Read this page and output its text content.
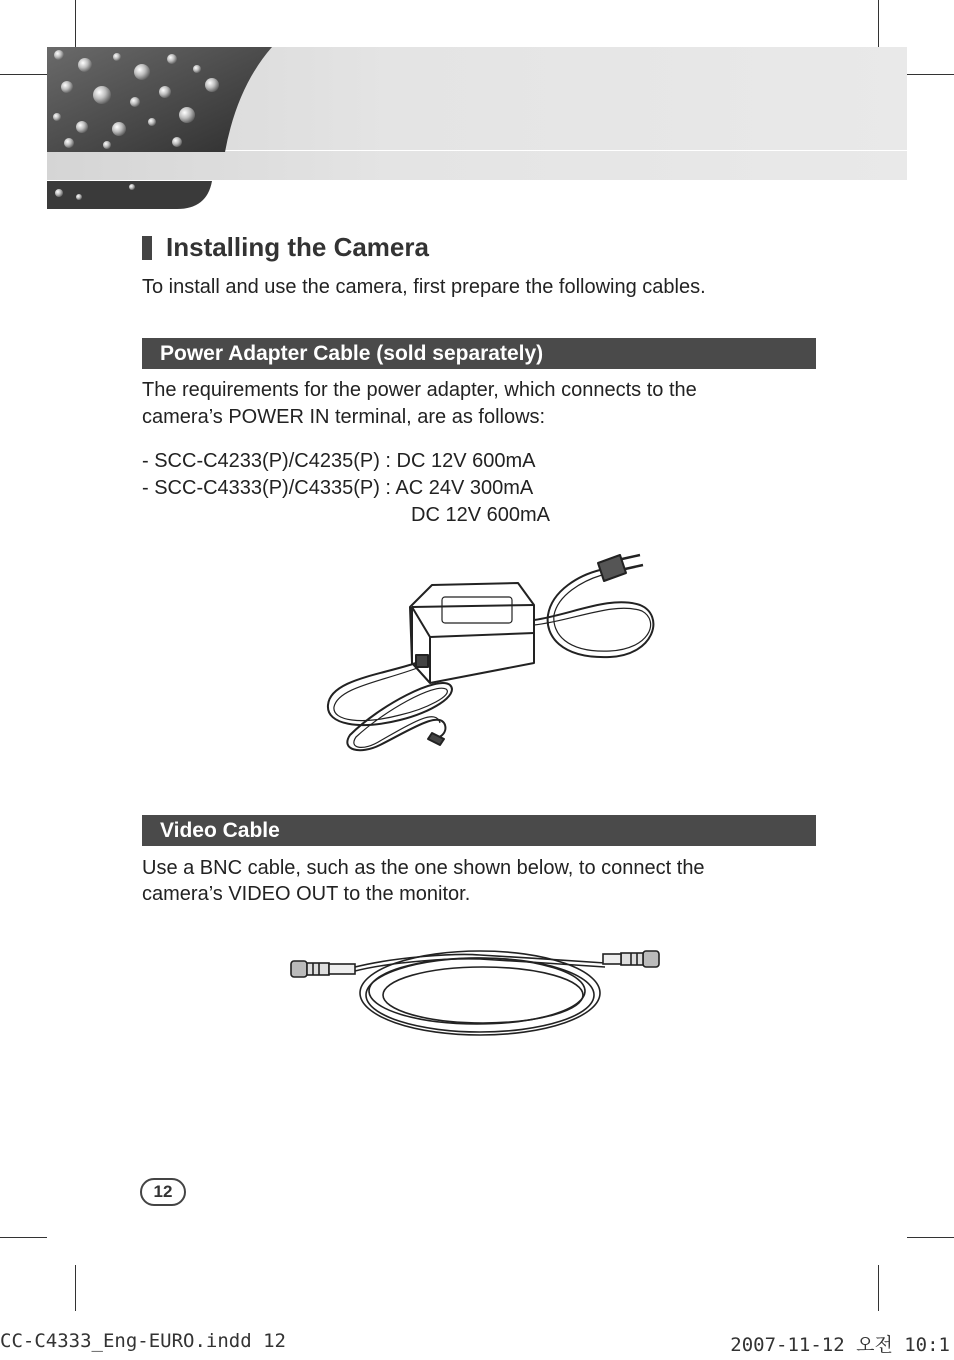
Installing the Camera
To install and use the camera, first prepare the following cables.
Power Adapter Cable (sold separately)
The requirements for the power adapter, which connects to the
camera’s POWER IN terminal, are as follows:
- SCC-C4233(P)/C4235(P) : DC 12V 600mA
- SCC-C4333(P)/C4335(P) : AC 24V 300mA
DC 12V 600mA
Video Cable
Use a BNC cable, such as the one shown below, to connect the
camera’s VIDEO OUT to the monitor.
12
CC-C4333_Eng-EURO.indd 12	2007-11-12 오전 10:1
